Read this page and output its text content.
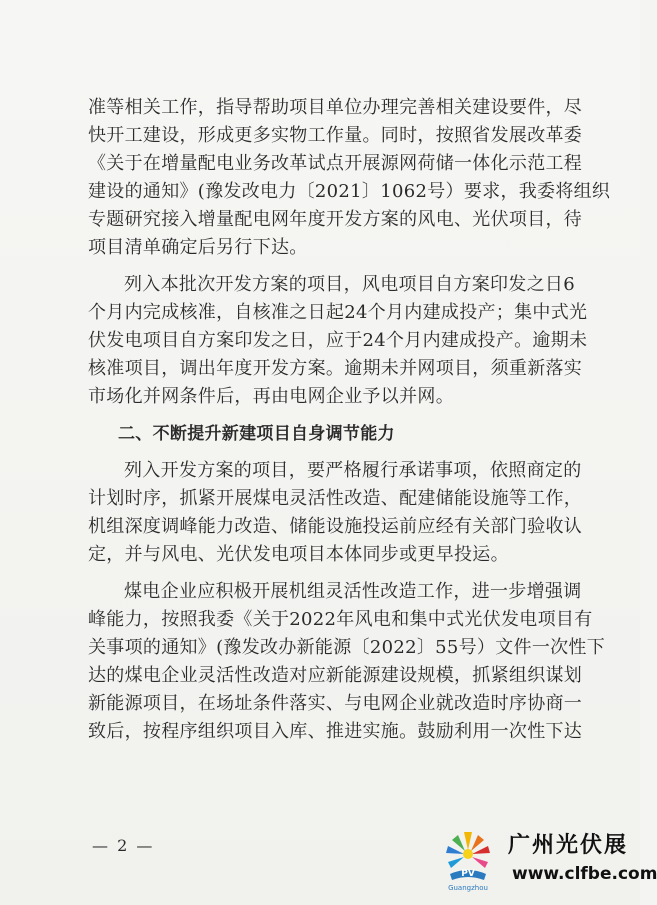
准等相关工作，指导帮助项目单位办理完善相关建设要件，尽
快开工建设，形成更多实物工作量。同时，按照省发展改革委
《关于在增量配电业务改革试点开展源网荷储一体化示范工程
建设的通知》(豫发改电力〔2021〕1062号）要求，我委将组织
专题研究接入增量配电网年度开发方案的风电、光伏项目，待
项目清单确定后另行下达。
列入本批次开发方案的项目，风电项目自方案印发之日6
个月内完成核准，自核准之日起24个月内建成投产；集中式光
伏发电项目自方案印发之日，应于24个月内建成投产。逾期未
核准项目，调出年度开发方案。逾期未并网项目，须重新落实
市场化并网条件后，再由电网企业予以并网。
二、不断提升新建项目自身调节能力
列入开发方案的项目，要严格履行承诺事项，依照商定的
计划时序，抓紧开展煤电灵活性改造、配建储能设施等工作，
机组深度调峰能力改造、储能设施投运前应经有关部门验收认
定，并与风电、光伏发电项目本体同步或更早投运。
煤电企业应积极开展机组灵活性改造工作，进一步增强调
峰能力，按照我委《关于2022年风电和集中式光伏发电项目有
关事项的通知》(豫发改办新能源〔2022〕55号）文件一次性下
达的煤电企业灵活性改造对应新能源建设规模，抓紧组织谋划
新能源项目，在场址条件落实、与电网企业就改造时序协商一
致后，按程序组织项目入库、推进实施。鼓励利用一次性下达
— 2 —
PV
Guangzhou
广州光伏展
www.clfbe.com
